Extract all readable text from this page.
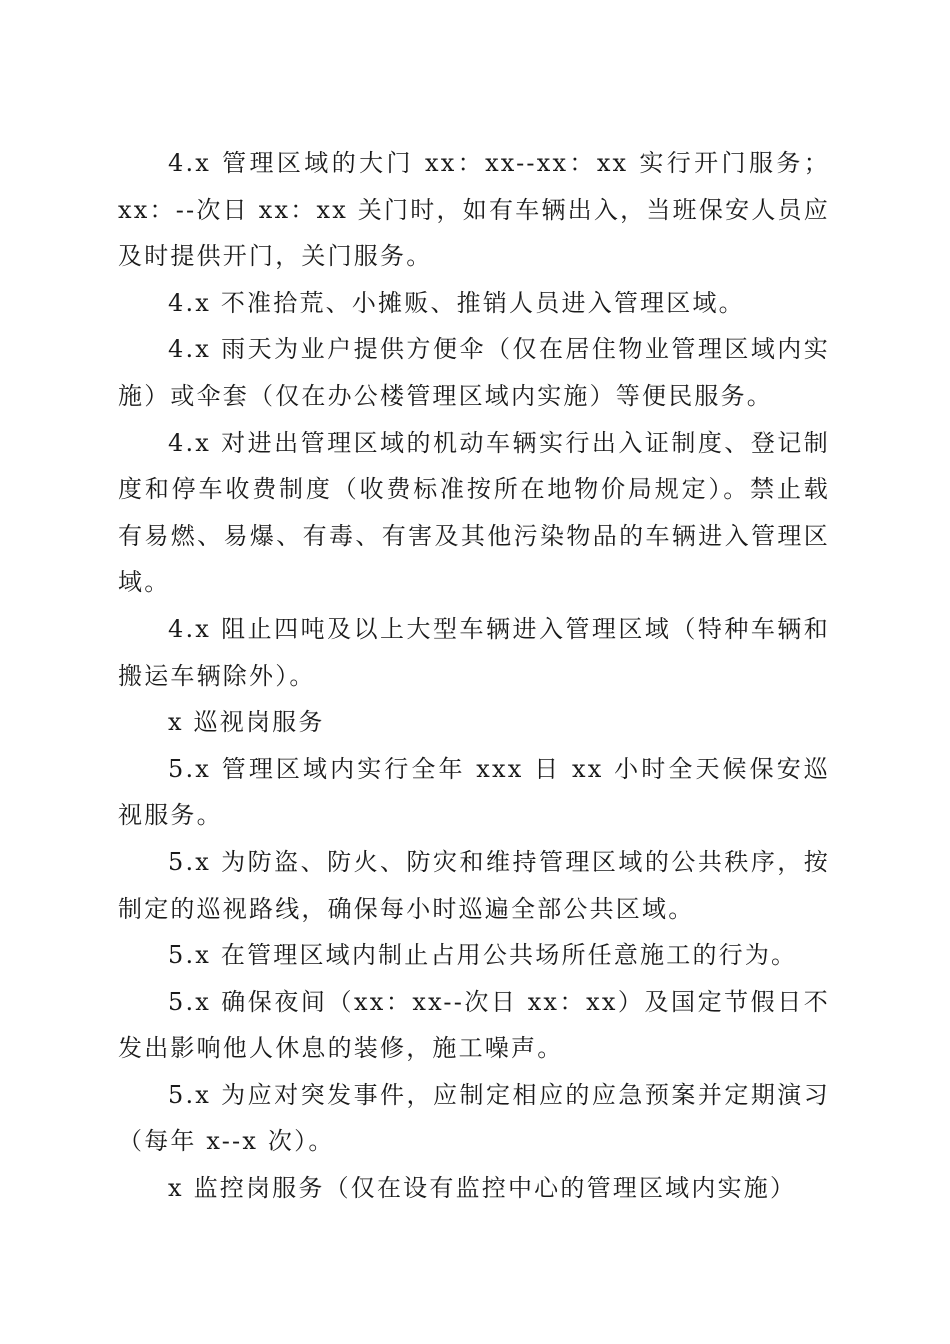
4.x 管理区域的大门 xx：xx--xx：xx 实行开门服务；xx：--次日 xx：xx 关门时，如有车辆出入，当班保安人员应及时提供开门，关门服务。

4.x 不准拾荒、小摊贩、推销人员进入管理区域。

4.x 雨天为业户提供方便伞（仅在居住物业管理区域内实施）或伞套（仅在办公楼管理区域内实施）等便民服务。

4.x 对进出管理区域的机动车辆实行出入证制度、登记制度和停车收费制度（收费标准按所在地物价局规定）。禁止载有易燃、易爆、有毒、有害及其他污染物品的车辆进入管理区域。

4.x 阻止四吨及以上大型车辆进入管理区域（特种车辆和搬运车辆除外）。

x 巡视岗服务

5.x 管理区域内实行全年 xxx 日 xx 小时全天候保安巡视服务。

5.x 为防盗、防火、防灾和维持管理区域的公共秩序，按制定的巡视路线，确保每小时巡遍全部公共区域。

5.x 在管理区域内制止占用公共场所任意施工的行为。

5.x 确保夜间（xx：xx--次日 xx：xx）及国定节假日不发出影响他人休息的装修，施工噪声。

5.x 为应对突发事件，应制定相应的应急预案并定期演习（每年 x--x 次）。

x 监控岗服务（仅在设有监控中心的管理区域内实施）
